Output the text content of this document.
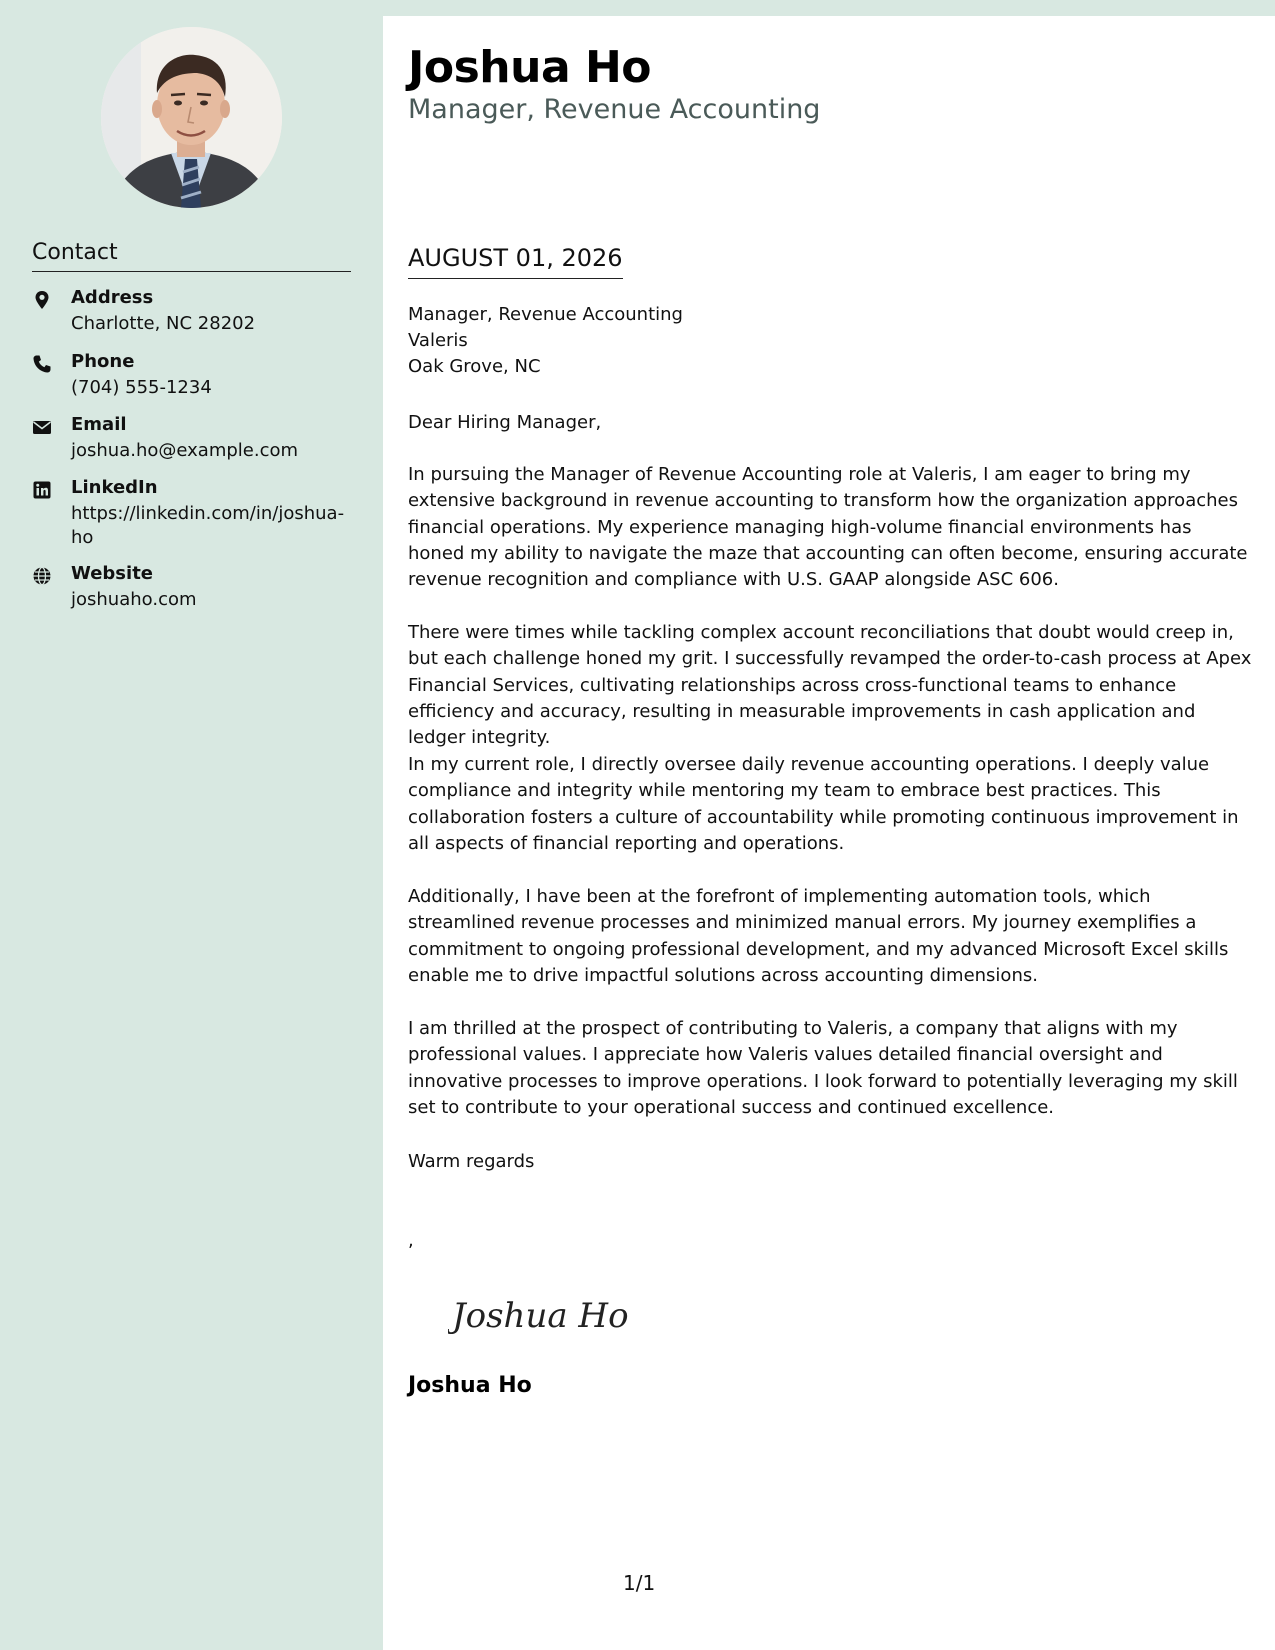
Contact
Address
Charlotte, NC 28202
Phone
(704) 555-1234
Email
joshua.ho@example.com
LinkedIn
https://linkedin.com/in/joshua-ho
Website
joshuaho.com
Joshua Ho
Manager, Revenue Accounting
AUGUST 01, 2026
Manager, Revenue Accounting
Valeris
Oak Grove, NC
Dear Hiring Manager,
In pursuing the Manager of Revenue Accounting role at Valeris, I am eager to bring my extensive background in revenue accounting to transform how the organization approaches financial operations. My experience managing high-volume financial environments has honed my ability to navigate the maze that accounting can often become, ensuring accurate revenue recognition and compliance with U.S. GAAP alongside ASC 606.
There were times while tackling complex account reconciliations that doubt would creep in, but each challenge honed my grit. I successfully revamped the order-to-cash process at Apex Financial Services, cultivating relationships across cross-functional teams to enhance efficiency and accuracy, resulting in measurable improvements in cash application and ledger integrity.
In my current role, I directly oversee daily revenue accounting operations. I deeply value compliance and integrity while mentoring my team to embrace best practices. This collaboration fosters a culture of accountability while promoting continuous improvement in all aspects of financial reporting and operations.
Additionally, I have been at the forefront of implementing automation tools, which streamlined revenue processes and minimized manual errors. My journey exemplifies a commitment to ongoing professional development, and my advanced Microsoft Excel skills enable me to drive impactful solutions across accounting dimensions.
I am thrilled at the prospect of contributing to Valeris, a company that aligns with my professional values. I appreciate how Valeris values detailed financial oversight and innovative processes to improve operations. I look forward to potentially leveraging my skill set to contribute to your operational success and continued excellence.
Warm regards
,
Joshua Ho
Joshua Ho
1/1
